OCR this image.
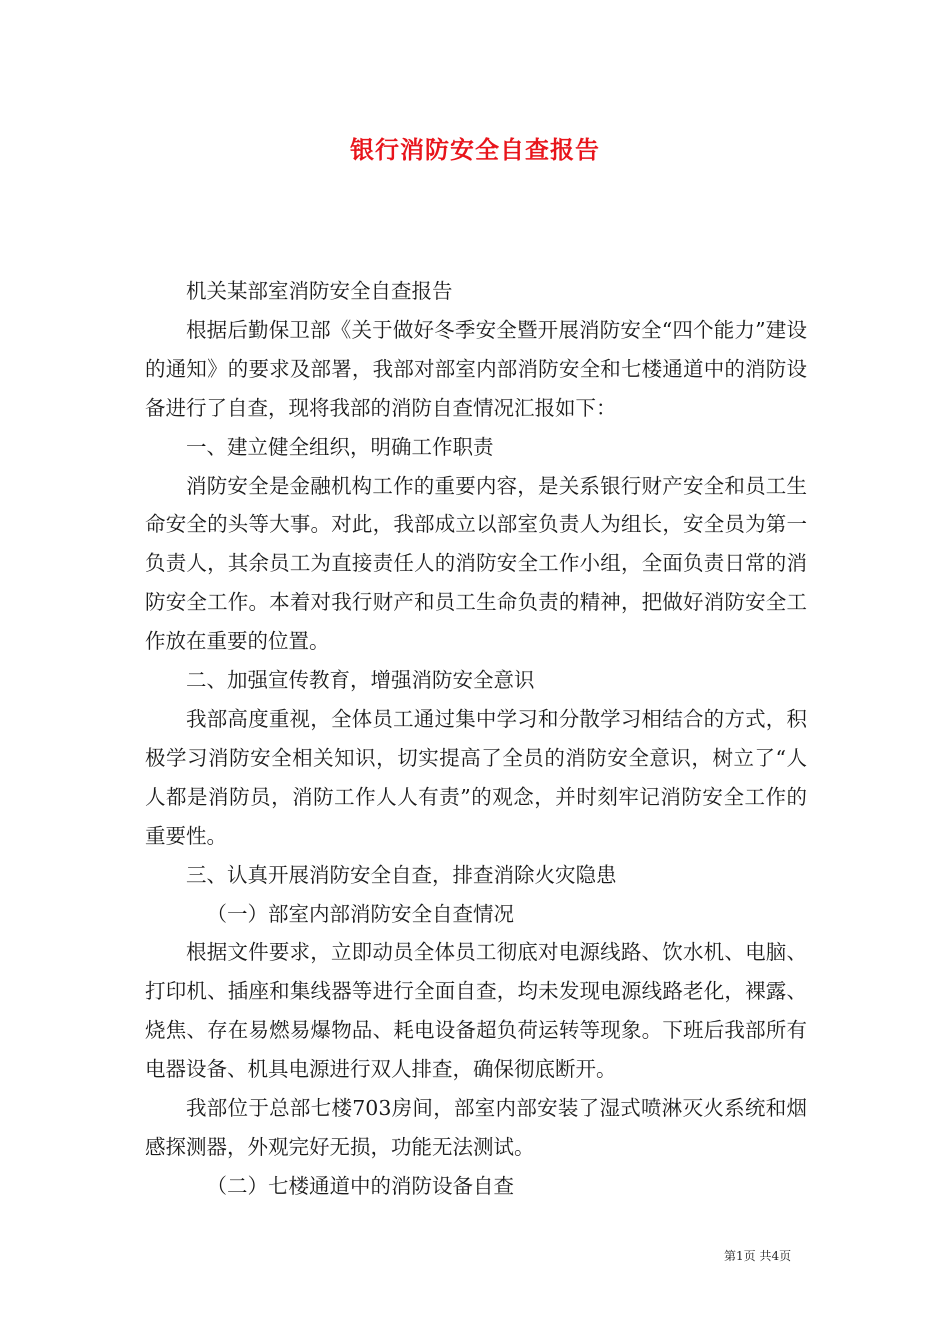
银行消防安全自查报告

机关某部室消防安全自查报告

根据后勤保卫部《关于做好冬季安全暨开展消防安全“四个能力”建设的通知》的要求及部署，我部对部室内部消防安全和七楼通道中的消防设备进行了自查，现将我部的消防自查情况汇报如下：

一、建立健全组织，明确工作职责

消防安全是金融机构工作的重要内容，是关系银行财产安全和员工生命安全的头等大事。对此，我部成立以部室负责人为组长，安全员为第一负责人，其余员工为直接责任人的消防安全工作小组，全面负责日常的消防安全工作。本着对我行财产和员工生命负责的精神，把做好消防安全工作放在重要的位置。

二、加强宣传教育，增强消防安全意识

我部高度重视，全体员工通过集中学习和分散学习相结合的方式，积极学习消防安全相关知识，切实提高了全员的消防安全意识，树立了“人人都是消防员，消防工作人人有责”的观念，并时刻牢记消防安全工作的重要性。

三、认真开展消防安全自查，排查消除火灾隐患

（一）部室内部消防安全自查情况

根据文件要求，立即动员全体员工彻底对电源线路、饮水机、电脑、打印机、插座和集线器等进行全面自查，均未发现电源线路老化，裸露、烧焦、存在易燃易爆物品、耗电设备超负荷运转等现象。下班后我部所有电器设备、机具电源进行双人排查，确保彻底断开。

我部位于总部七楼703房间，部室内部安装了湿式喷淋灭火系统和烟感探测器，外观完好无损，功能无法测试。

（二）七楼通道中的消防设备自查

第1页 共4页
